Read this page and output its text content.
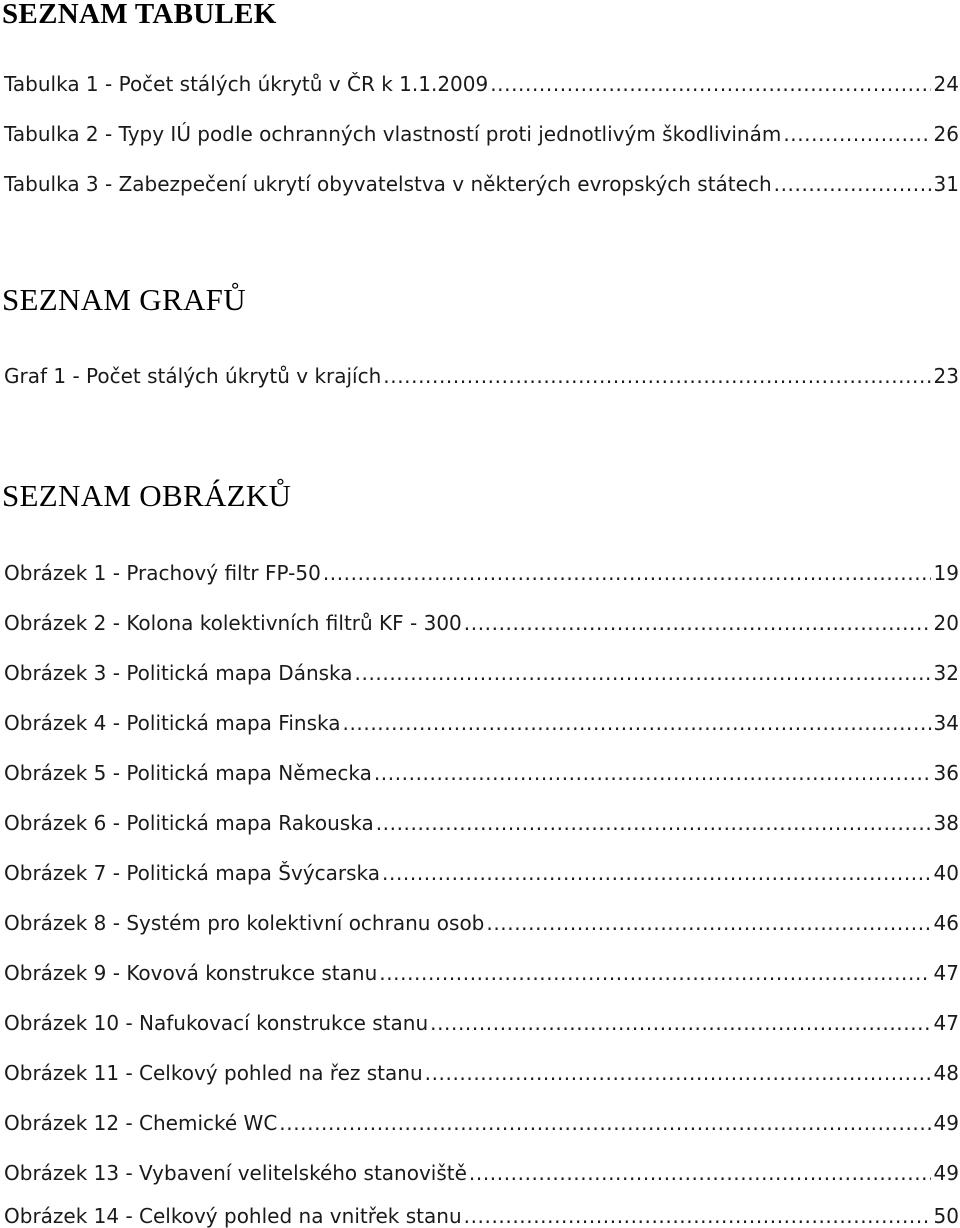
SEZNAM TABULEK
Tabulka 1 - Počet stálých úkrytů v ČR k 1.1.2009 .....	24
Tabulka 2 - Typy IÚ podle ochranných vlastností proti jednotlivým škodlivinám .....	26
Tabulka 3 - Zabezpečení ukrytí obyvatelstva v některých evropských státech .....	31
SEZNAM GRAFŮ
Graf 1 - Počet stálých úkrytů v krajích .....	23
SEZNAM OBRÁZKŮ
Obrázek 1 - Prachový filtr FP-50 .....	19
Obrázek 2 - Kolona kolektivních filtrů KF - 300 .....	20
Obrázek 3 - Politická mapa Dánska .....	32
Obrázek 4 - Politická mapa Finska .....	34
Obrázek 5 - Politická mapa Německa .....	36
Obrázek 6 - Politická mapa Rakouska .....	38
Obrázek 7 - Politická mapa Švýcarska .....	40
Obrázek 8 - Systém pro kolektivní ochranu osob .....	46
Obrázek 9 - Kovová konstrukce stanu .....	47
Obrázek 10 - Nafukovací konstrukce stanu .....	47
Obrázek 11 - Celkový pohled na řez stanu .....	48
Obrázek 12 - Chemické WC .....	49
Obrázek 13 - Vybavení velitelského stanoviště .....	49
Obrázek 14 - Celkový pohled na vnitřek stanu .....	50
